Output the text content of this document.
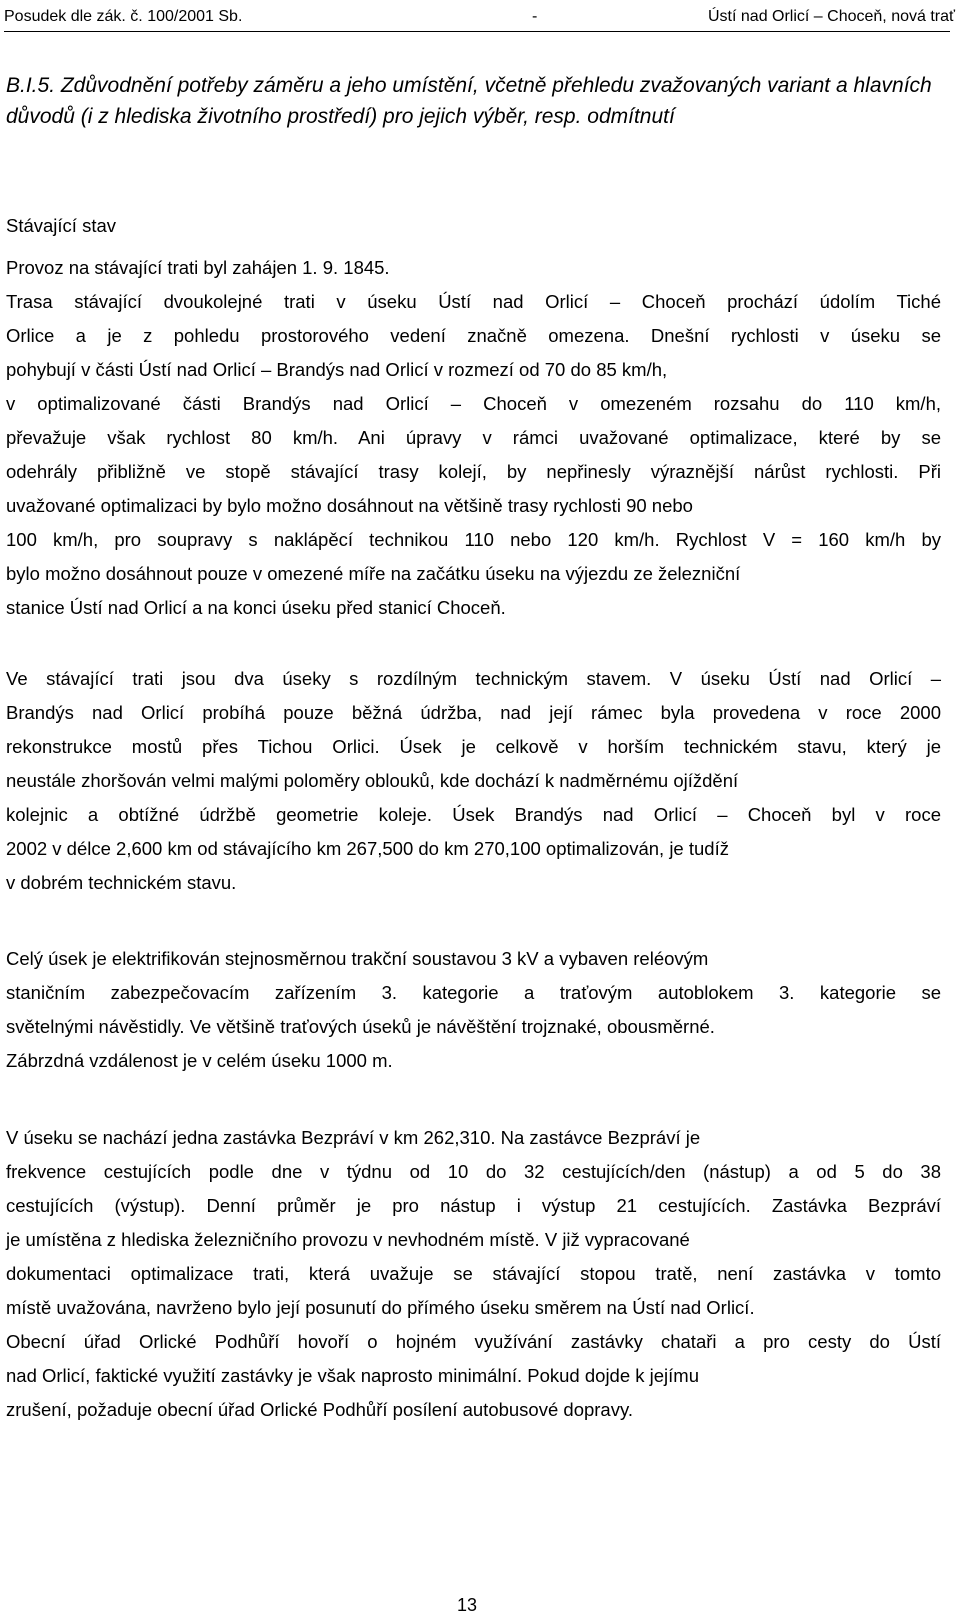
Posudek dle zák. č. 100/2001 Sb.	-	Ústí nad Orlicí – Choceň, nová trať
B.I.5. Zdůvodnění potřeby záměru a jeho umístění, včetně přehledu zvažovaných variant a hlavních důvodů (i z hlediska životního prostředí) pro jejich výběr, resp. odmítnutí
Stávající stav
Provoz na stávající trati byl zahájen 1. 9. 1845.
Trasa stávající dvoukolejné trati v úseku Ústí nad Orlicí – Choceň prochází údolím Tiché
Orlice a je z pohledu prostorového vedení značně omezena. Dnešní rychlosti v úseku se
pohybují v části Ústí nad Orlicí – Brandýs nad Orlicí v rozmezí od 70 do 85 km/h,
v optimalizované části Brandýs nad Orlicí – Choceň v omezeném rozsahu do 110 km/h,
převažuje však rychlost 80 km/h. Ani úpravy v rámci uvažované optimalizace, které by se
odehrály přibližně ve stopě stávající trasy kolejí, by nepřinesly výraznější nárůst rychlosti. Při
uvažované optimalizaci by bylo možno dosáhnout na většině trasy rychlosti 90 nebo
100 km/h, pro soupravy s naklápěcí technikou 110 nebo 120 km/h. Rychlost V = 160 km/h by
bylo možno dosáhnout pouze v omezené míře na začátku úseku na výjezdu ze železniční
stanice Ústí nad Orlicí a na konci úseku před stanicí Choceň.
Ve stávající trati jsou dva úseky s rozdílným technickým stavem. V úseku Ústí nad Orlicí –
Brandýs nad Orlicí probíhá pouze běžná údržba, nad její rámec byla provedena v roce 2000
rekonstrukce mostů přes Tichou Orlici. Úsek je celkově v horším technickém stavu, který je
neustále zhoršován velmi malými poloměry oblouků, kde dochází k nadměrnému ojíždění
kolejnic a obtížné údržbě geometrie koleje. Úsek Brandýs nad Orlicí – Choceň byl v roce
2002 v délce 2,600 km od stávajícího km 267,500 do km 270,100 optimalizován, je tudíž
v dobrém technickém stavu.
Celý úsek je elektrifikován stejnosměrnou trakční soustavou 3 kV a vybaven reléovým
staničním zabezpečovacím zařízením 3. kategorie a traťovým autoblokem 3. kategorie se
světelnými návěstidly. Ve většině traťových úseků je návěštění trojznaké, obousměrné.
Zábrzdná vzdálenost je v celém úseku 1000 m.
V úseku se nachází jedna zastávka Bezpráví v km 262,310. Na zastávce Bezpráví je
frekvence cestujících podle dne v týdnu od 10 do 32 cestujících/den (nástup) a od 5 do 38
cestujících (výstup). Denní průměr je pro nástup i výstup 21 cestujících. Zastávka Bezpráví
je umístěna z hlediska železničního provozu v nevhodném místě. V již vypracované
dokumentaci optimalizace trati, která uvažuje se stávající stopou tratě, není zastávka v tomto
místě uvažována, navrženo bylo její posunutí do přímého úseku směrem na Ústí nad Orlicí.
Obecní úřad Orlické Podhůří hovoří o hojném využívání zastávky chataři a pro cesty do Ústí
nad Orlicí, faktické využití zastávky je však naprosto minimální. Pokud dojde k jejímu
zrušení, požaduje obecní úřad Orlické Podhůří posílení autobusové dopravy.
13
